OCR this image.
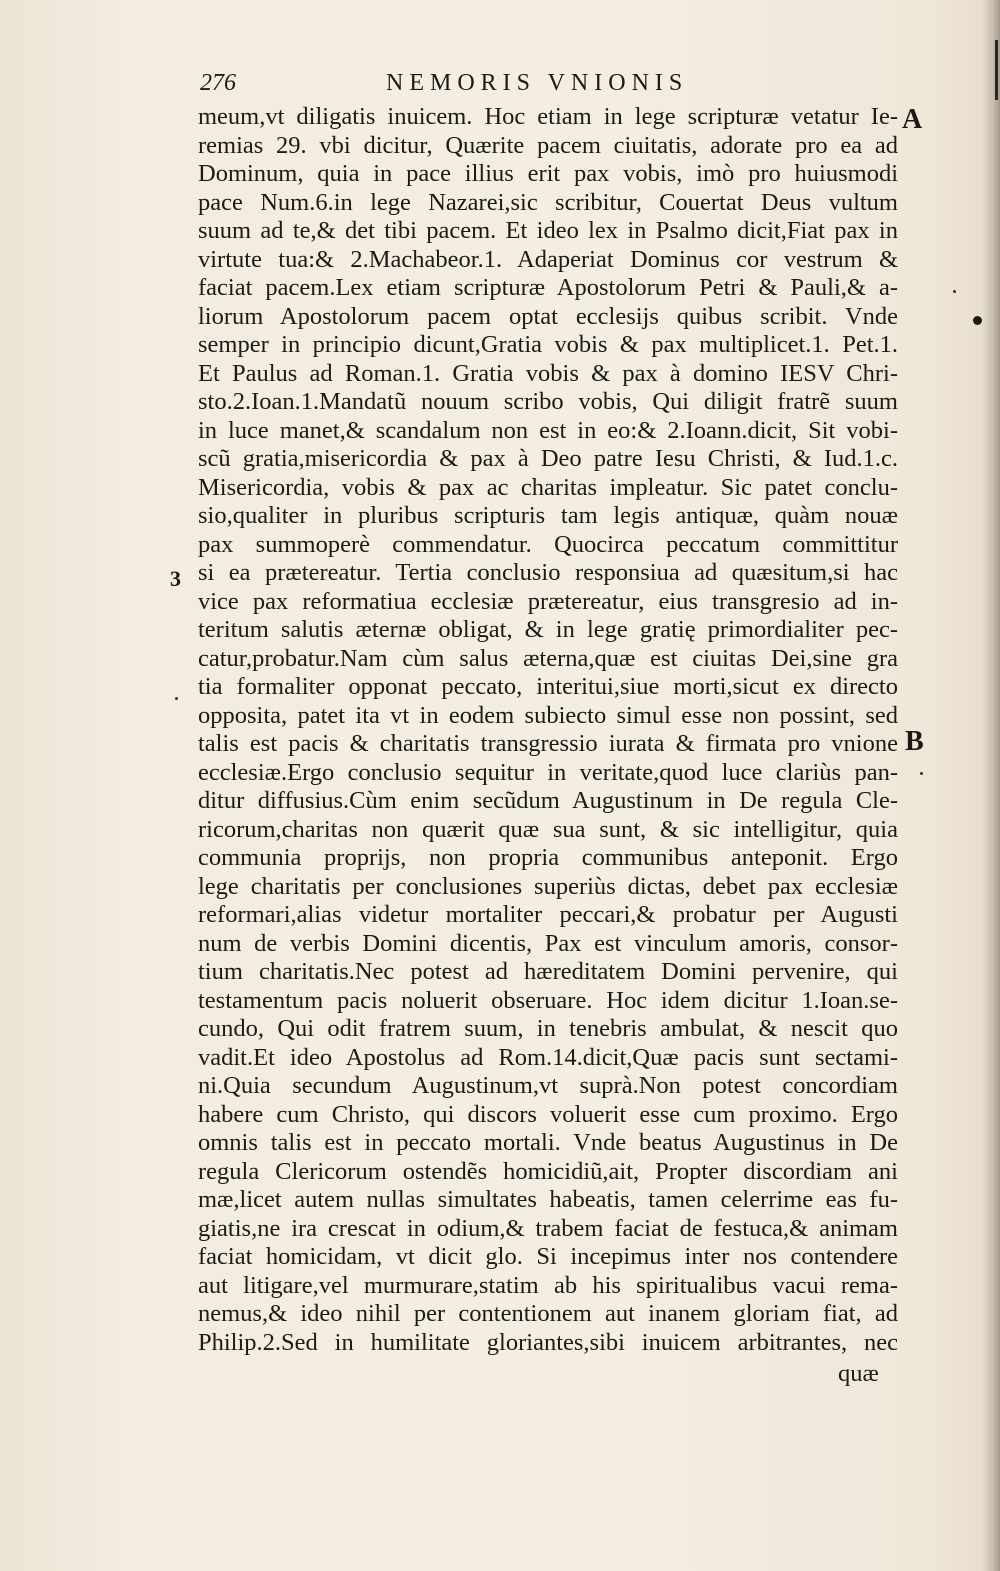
276	NEMORIS VNIONIS
A
B
3
meum,vt diligatis inuicem. Hoc etiam in lege scripturæ vetatur Ie‑
remias 29. vbi dicitur, Quærite pacem ciuitatis, adorate pro ea ad
Dominum, quia in pace illius erit pax vobis, imò pro huiusmodi
pace Num.6.in lege Nazarei,sic scribitur, Couertat Deus vultum
suum ad te,& det tibi pacem. Et ideo lex in Psalmo dicit,Fiat pax in
virtute tua:& 2.Machabeor.1. Adaperiat Dominus cor vestrum &
faciat pacem.Lex etiam scripturæ Apostolorum Petri & Pauli,& a‑
liorum Apostolorum pacem optat ecclesijs quibus scribit. Vnde
semper in principio dicunt,Gratia vobis & pax multiplicet.1. Pet.1.
Et Paulus ad Roman.1. Gratia vobis & pax à domino IESV Chri‑
sto.2.Ioan.1.Mandatũ nouum scribo vobis, Qui diligit fratrẽ suum
in luce manet,& scandalum non est in eo:& 2.Ioann.dicit, Sit vobi‑
scũ gratia,misericordia & pax à Deo patre Iesu Christi, & Iud.1.c.
Misericordia, vobis & pax ac charitas impleatur. Sic patet conclu‑
sio,qualiter in pluribus scripturis tam legis antiquæ, quàm nouæ
pax summoperè commendatur. Quocirca peccatum committitur
si ea prætereatur. Tertia conclusio responsiua ad quæsitum,si hac
vice pax reformatiua ecclesiæ prætereatur, eius transgresio ad in‑
teritum salutis æternæ obligat, & in lege gratię primordialiter pec‑
catur,probatur.Nam cùm salus æterna,quæ est ciuitas Dei,sine gra
tia formaliter opponat peccato, interitui,siue morti,sicut ex directo
opposita, patet ita vt in eodem subiecto simul esse non possint, sed
talis est pacis & charitatis transgressio iurata & firmata pro vnione
ecclesiæ.Ergo conclusio sequitur in veritate,quod luce clariùs pan‑
ditur diffusius.Cùm enim secũdum Augustinum in De regula Cle‑
ricorum,charitas non quærit quæ sua sunt, & sic intelligitur, quia
communia proprijs, non propria communibus anteponit. Ergo
lege charitatis per conclusiones superiùs dictas, debet pax ecclesiæ
reformari,alias videtur mortaliter peccari,& probatur per Augusti
num de verbis Domini dicentis, Pax est vinculum amoris, consor‑
tium charitatis.Nec potest ad hæreditatem Domini pervenire, qui
testamentum pacis noluerit obseruare. Hoc idem dicitur 1.Ioan.se‑
cundo, Qui odit fratrem suum, in tenebris ambulat, & nescit quo
vadit.Et ideo Apostolus ad Rom.14.dicit,Quæ pacis sunt sectami‑
ni.Quia secundum Augustinum,vt suprà.Non potest concordiam
habere cum Christo, qui discors voluerit esse cum proximo. Ergo
omnis talis est in peccato mortali. Vnde beatus Augustinus in De
regula Clericorum ostendẽs homicidiũ,ait, Propter discordiam ani
mæ,licet autem nullas simultates habeatis, tamen celerrime eas fu‑
giatis,ne ira crescat in odium,& trabem faciat de festuca,& animam
faciat homicidam, vt dicit glo. Si incepimus inter nos contendere
aut litigare,vel murmurare,statim ab his spiritualibus vacui rema‑
nemus,& ideo nihil per contentionem aut inanem gloriam fiat, ad
Philip.2.Sed in humilitate gloriantes,sibi inuicem arbitrantes, nec
quæ
